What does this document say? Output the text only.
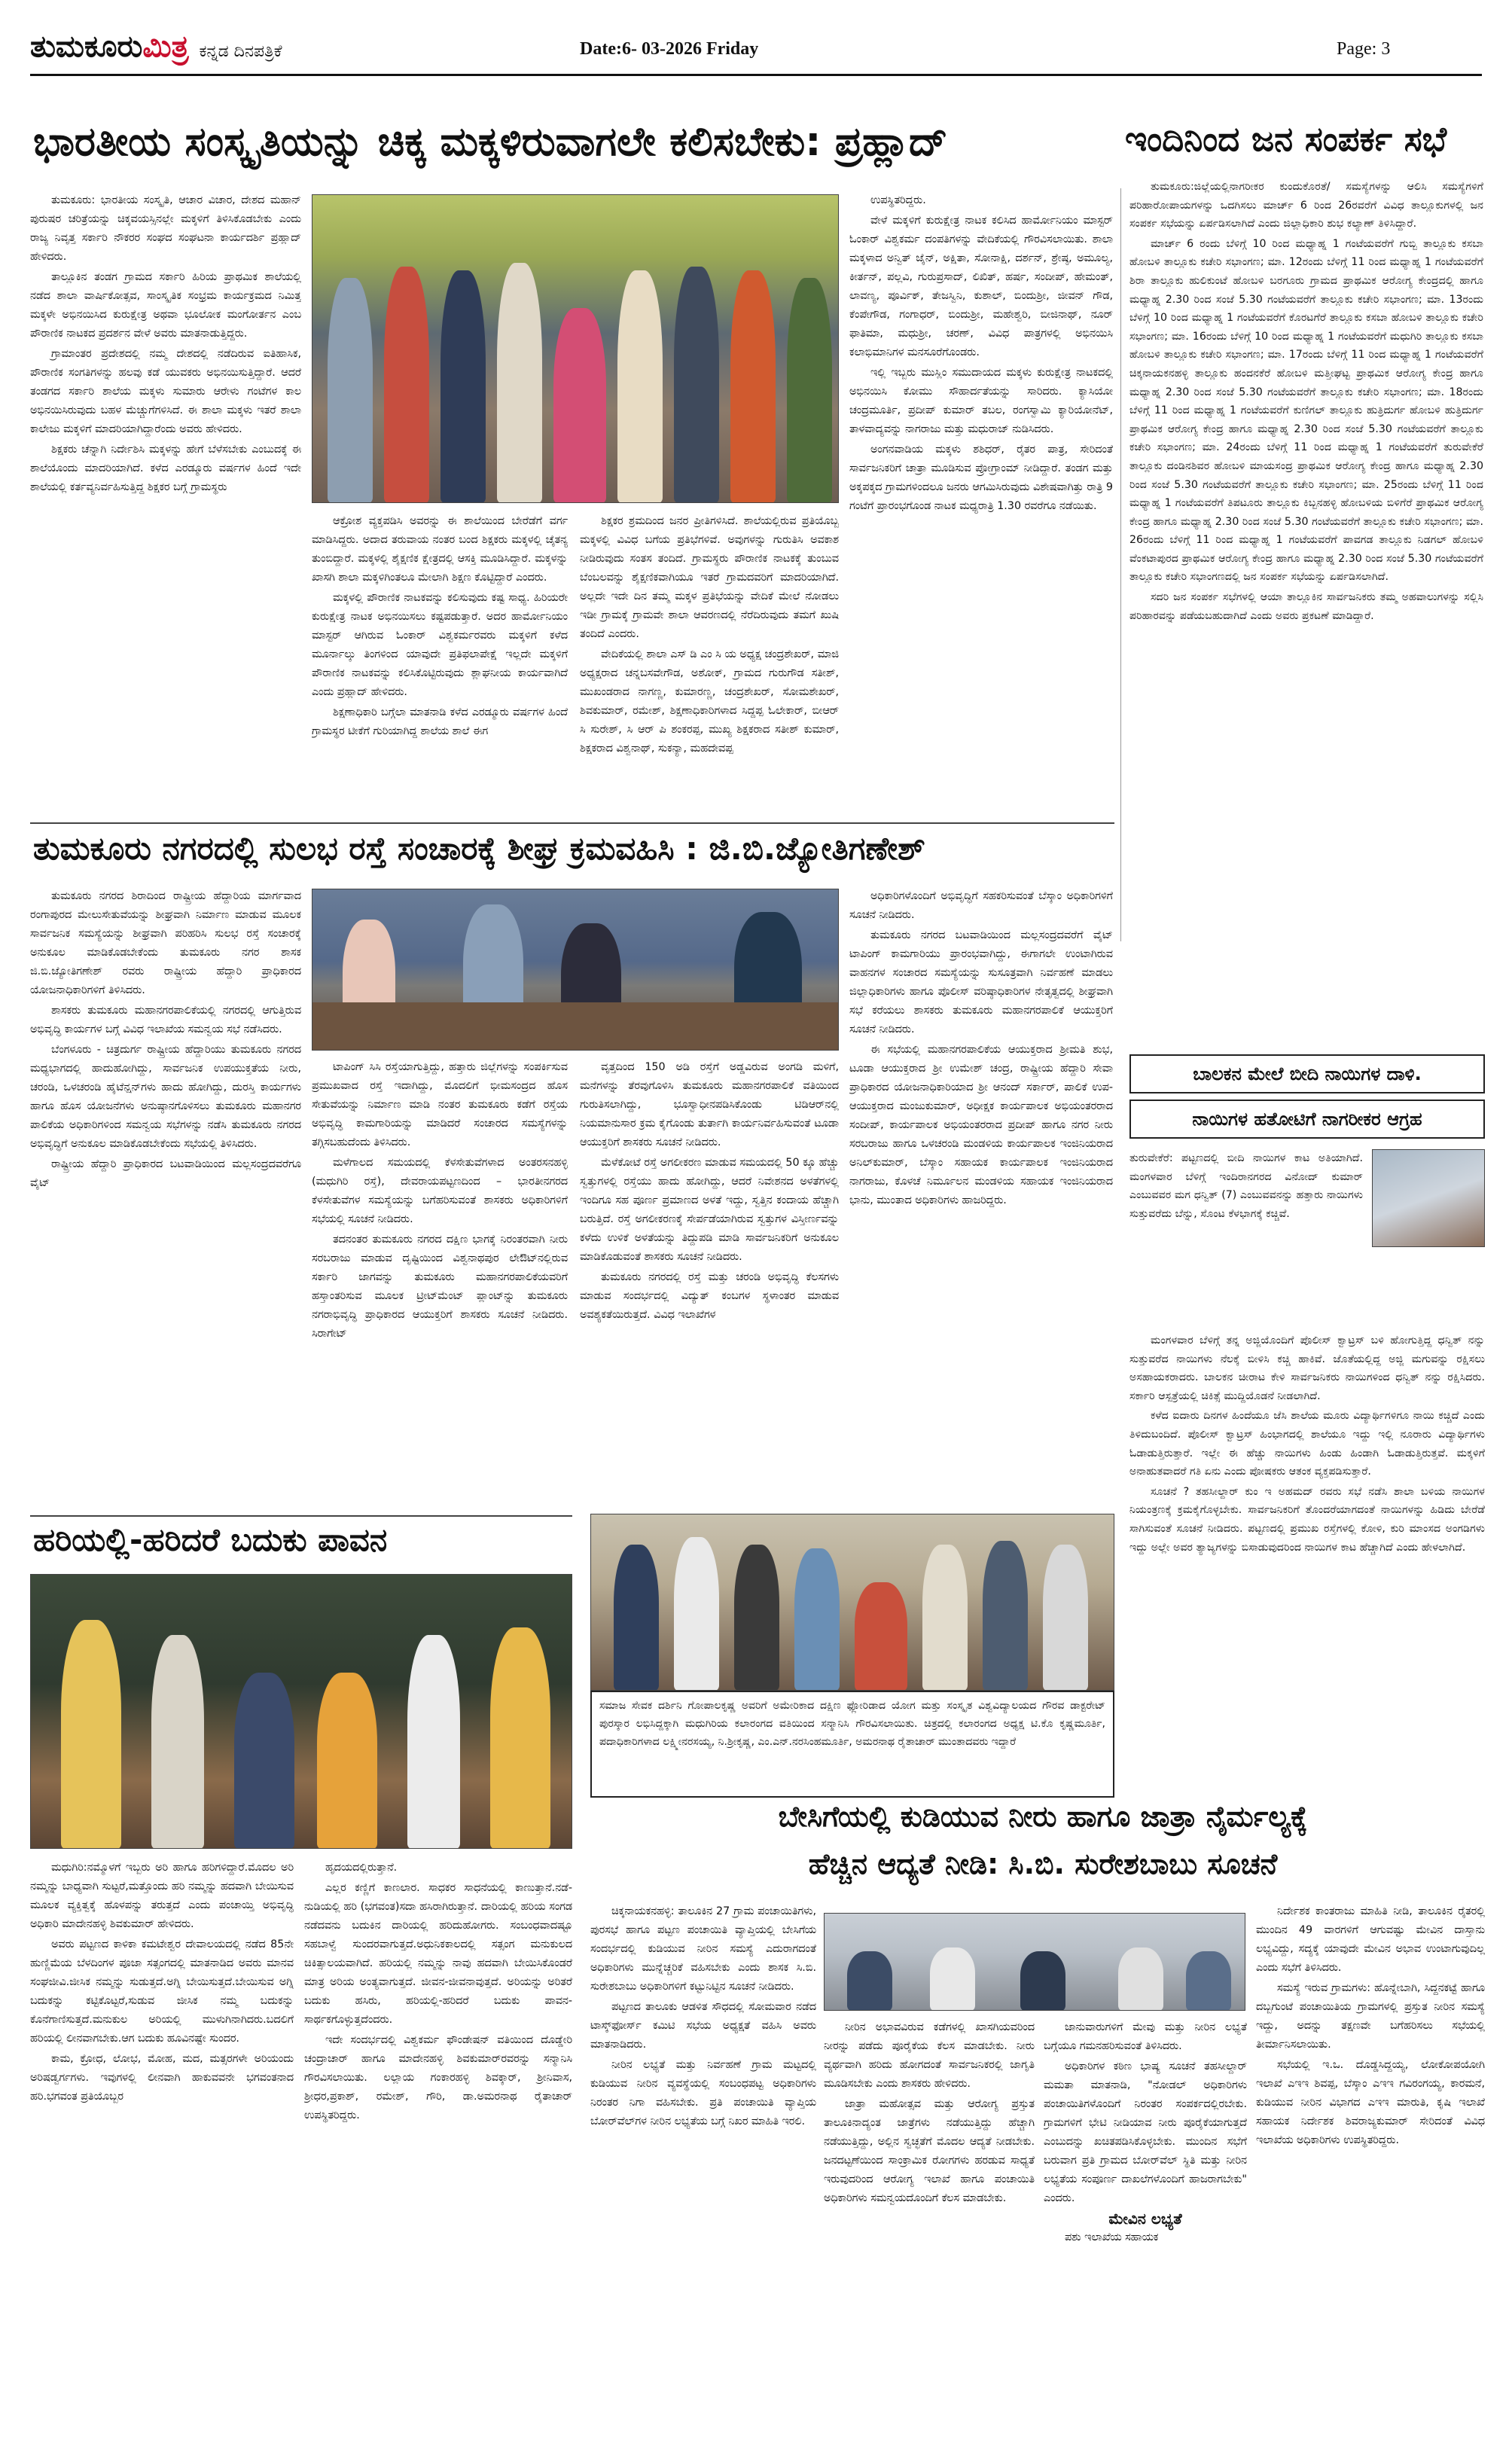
ತುಮಕೂರುಮಿತ್ರ ಕನ್ನಡ ದಿನಪತ್ರಿಕೆ	Date:6- 03-2026 Friday	Page: 3
ಭಾರತೀಯ ಸಂಸ್ಕೃತಿಯನ್ನು ಚಿಕ್ಕ ಮಕ್ಕಳಿರುವಾಗಲೇ ಕಲಿಸಬೇಕು: ಪ್ರಹ್ಲಾದ್	ಇಂದಿನಿಂದ ಜನ ಸಂಪರ್ಕ ಸಭೆ

ತುಮಕೂರು: ಭಾರತೀಯ ಸಂಸ್ಕೃತಿ, ಆಚಾರ ವಿಚಾರ, ದೇಶದ ಮಹಾನ್ ಪುರುಷರ ಚರಿತ್ರೆಯನ್ನು ಚಿಕ್ಕವಯಸ್ಸಿನಲ್ಲೇ ಮಕ್ಕಳಿಗೆ ತಿಳಿಸಿಕೊಡಬೇಕು ಎಂದು ರಾಜ್ಯ ನಿವೃತ್ತ ಸರ್ಕಾರಿ ನೌಕರರ ಸಂಘದ ಸಂಘಟನಾ ಕಾರ್ಯದರ್ಶಿ ಪ್ರಹ್ಲಾದ್ ಹೇಳಿದರು.

ತಾಲ್ಲೂಕಿನ ತಂಡಗ ಗ್ರಾಮದ ಸರ್ಕಾರಿ ಹಿರಿಯ ಪ್ರಾಥಮಿಕ ಶಾಲೆಯಲ್ಲಿ ನಡೆದ ಶಾಲಾ ವಾರ್ಷಿಕೋತ್ಸವ, ಸಾಂಸ್ಕೃತಿಕ ಸಂಭ್ರಮ ಕಾರ್ಯಕ್ರಮದ ನಿಮಿತ್ತ ಮಕ್ಕಳೇ ಅಭಿನಯಿಸಿದ ಕುರುಕ್ಷೇತ್ರ ಅಥವಾ ಭೂಲೋಕ ಮಂಗೋರ್ತನ ಎಂಬ ಪೌರಾಣಿಕ ನಾಟಕದ ಪ್ರದರ್ಶನ ವೇಳೆ ಅವರು ಮಾತನಾಡುತ್ತಿದ್ದರು.

ಗ್ರಾಮಾಂತರ ಪ್ರದೇಶದಲ್ಲಿ ನಮ್ಮ ದೇಶದಲ್ಲಿ ನಡೆದಿರುವ ಐತಿಹಾಸಿಕ, ಪೌರಾಣಿಕ ಸಂಗತಿಗಳನ್ನು ಹಲವು ಕಡೆ ಯುವಕರು ಅಭಿನಯಿಸುತ್ತಿದ್ದಾರೆ. ಆದರೆ ತಂಡಗದ ಸರ್ಕಾರಿ ಶಾಲೆಯ ಮಕ್ಕಳು ಸುಮಾರು ಆರೇಳು ಗಂಟೆಗಳ ಕಾಲ ಅಭಿನಯಿಸಿರುವುದು ಬಹಳ ಮೆಚ್ಚುಗೆಗಳಿಸಿದೆ. ಈ ಶಾಲಾ ಮಕ್ಕಳು ಇತರೆ ಶಾಲಾ ಕಾಲೇಜು ಮಕ್ಕಳಿಗೆ ಮಾದರಿಯಾಗಿದ್ದಾರೆಂದು ಅವರು ಹೇಳಿದರು.

ಶಿಕ್ಷಕರು ಚೆನ್ನಾಗಿ ನಿರ್ದೇಶಿಸಿ ಮಕ್ಕಳನ್ನು ಹೇಗೆ ಬೆಳೆಸಬೇಕು ಎಂಬುದಕ್ಕೆ ಈ ಶಾಲೆಯೊಂದು ಮಾದರಿಯಾಗಿದೆ. ಕಳೆದ ಎರಡ್ಮೂರು ವರ್ಷಗಳ ಹಿಂದೆ ಇದೇ ಶಾಲೆಯಲ್ಲಿ ಕರ್ತವ್ಯನಿರ್ವಹಿಸುತ್ತಿದ್ದ ಶಿಕ್ಷಕರ ಬಗ್ಗೆ ಗ್ರಾಮಸ್ಥರು

ಆಕ್ರೋಶ ವ್ಯಕ್ತಪಡಿಸಿ ಅವರನ್ನು ಈ ಶಾಲೆಯಿಂದ ಬೇರೆಡೆಗೆ ವರ್ಗ ಮಾಡಿಸಿದ್ದರು. ಅದಾದ ತರುವಾಯ ನಂತರ ಬಂದ ಶಿಕ್ಷಕರು ಮಕ್ಕಳಲ್ಲಿ ಚೈತನ್ಯ ತುಂಬಿದ್ದಾರೆ. ಮಕ್ಕಳಲ್ಲಿ ಶೈಕ್ಷಣಿಕ ಕ್ಷೇತ್ರದಲ್ಲಿ ಆಸಕ್ತಿ ಮೂಡಿಸಿದ್ದಾರೆ. ಮಕ್ಕಳನ್ನು ಖಾಸಗಿ ಶಾಲಾ ಮಕ್ಕಳಿಗಿಂತಲೂ ಮೇಲಾಗಿ ಶಿಕ್ಷಣ ಕೊಟ್ಟಿದ್ದಾರೆ ಎಂದರು.

ಮಕ್ಕಳಲ್ಲಿ ಪೌರಾಣಿಕ ನಾಟಕವನ್ನು ಕಲಿಸುವುದು ಕಷ್ಟ ಸಾಧ್ಯ. ಹಿರಿಯರೇ ಕುರುಕ್ಷೇತ್ರ ನಾಟಕ ಅಭಿನಯಿಸಲು ಕಷ್ಟಪಡುತ್ತಾರೆ. ಅದರ ಹಾರ್ಮೋನಿಯಂ ಮಾಸ್ಟರ್ ಆಗಿರುವ ಓಂಕಾರ್ ವಿಶ್ವಕರ್ಮರವರು ಮಕ್ಕಳಿಗೆ ಕಳೆದ ಮೂರ್ನಾಲ್ಕು ತಿಂಗಳಿಂದ ಯಾವುದೇ ಪ್ರತಿಫಲಾಪೇಕ್ಷೆ ಇಲ್ಲದೇ ಮಕ್ಕಳಿಗೆ ಪೌರಾಣಿಕ ನಾಟಕವನ್ನು ಕಲಿಸಿಕೊಟ್ಟಿರುವುದು ಶ್ಲಾಘನೀಯ ಕಾರ್ಯವಾಗಿದೆ ಎಂದು ಪ್ರಹ್ಲಾದ್ ಹೇಳಿದರು.

ಶಿಕ್ಷಣಾಧಿಕಾರಿ ಬಗ್ಗೆಲಾ ಮಾತನಾಡಿ ಕಳೆದ ಎರಡ್ಮೂರು ವರ್ಷಗಳ ಹಿಂದೆ ಗ್ರಾಮಸ್ಥರ ಟೀಕೆಗೆ ಗುರಿಯಾಗಿದ್ದ ಶಾಲೆಯ ಶಾಲೆ ಈಗ

ಶಿಕ್ಷಕರ ಶ್ರಮದಿಂದ ಜನರ ಪ್ರೀತಿಗಳಿಸಿದೆ. ಶಾಲೆಯಲ್ಲಿರುವ ಪ್ರತಿಯೊಬ್ಬ ಮಕ್ಕಳಲ್ಲಿ ವಿವಿಧ ಬಗೆಯ ಪ್ರತಿಭೆಗಳಿವೆ. ಅವುಗಳನ್ನು ಗುರುತಿಸಿ ಅವಕಾಶ ನೀಡಿರುವುದು ಸಂತಸ ತಂದಿದೆ. ಗ್ರಾಮಸ್ಥರು ಪೌರಾಣಿಕ ನಾಟಕಕ್ಕೆ ತುಂಬುವ ಬೆಂಬಲವನ್ನು ಶೈಕ್ಷಣಿಕವಾಗಿಯೂ ಇತರೆ ಗ್ರಾಮದವರಿಗೆ ಮಾದರಿಯಾಗಿದೆ. ಅಲ್ಲದೇ ಇದೇ ದಿನ ತಮ್ಮ ಮಕ್ಕಳ ಪ್ರತಿಭೆಯನ್ನು ವೇದಿಕೆ ಮೇಲೆ ನೋಡಲು ಇಡೀ ಗ್ರಾಮಕ್ಕೆ ಗ್ರಾಮವೇ ಶಾಲಾ ಆವರಣದಲ್ಲಿ ನೆರೆದಿರುವುದು ತಮಗೆ ಖುಷಿ ತಂದಿದೆ ಎಂದರು.

ವೇದಿಕೆಯಲ್ಲಿ ಶಾಲಾ ಎಸ್ ಡಿ ಎಂ ಸಿ ಯ ಅಧ್ಯಕ್ಷ ಚಂದ್ರಶೇಖರ್, ಮಾಜಿ ಅಧ್ಯಕ್ಷರಾದ ಚನ್ನಬಸವೇಗೌಡ, ಅಶೋಕ್, ಗ್ರಾಮದ ಗುರುಗೌಡ ಸತೀಶ್, ಮುಖಂಡರಾದ ನಾಗಣ್ಣ, ಕುಮಾರಣ್ಣ, ಚಂದ್ರಶೇಖರ್, ಸೋಮಶೇಖರ್, ಶಿವಕುಮಾರ್, ರಮೇಶ್, ಶಿಕ್ಷಣಾಧಿಕಾರಿಗಳಾದ ಸಿದ್ದಪ್ಪ ಓಲೇಕಾರ್, ಬೀಆರ್ ಸಿ ಸುರೇಶ್, ಸಿ ಆರ್ ಪಿ ಶಂಕರಪ್ಪ, ಮುಖ್ಯ ಶಿಕ್ಷಕರಾದ ಸತೀಶ್ ಕುಮಾರ್, ಶಿಕ್ಷಕರಾದ ವಿಶ್ವನಾಥ್, ಸುಕನ್ಯಾ, ಮಹದೇವಪ್ಪ

ಉಪಸ್ಥಿತರಿದ್ದರು.

ವೇಳೆ ಮಕ್ಕಳಿಗೆ ಕುರುಕ್ಷೇತ್ರ ನಾಟಕ ಕಲಿಸಿದ ಹಾರ್ಮೋನಿಯಂ ಮಾಸ್ಟರ್ ಓಂಕಾರ್ ವಿಶ್ವಕರ್ಮ ದಂಪತಿಗಳನ್ನು ವೇದಿಕೆಯಲ್ಲಿ ಗೌರವಿಸಲಾಯಿತು. ಶಾಲಾ ಮಕ್ಕಳಾದ ಅನ್ವಿತ್ ಜೈನ್, ಅಕ್ಷಿತಾ, ಸೋನಾಕ್ಷಿ, ದರ್ಶನ್, ಶ್ರೇಷ್ಠ, ಅಮೂಲ್ಯ, ಕೀರ್ತನ್, ಪಲ್ಲವಿ, ಗುರುಪ್ರಸಾದ್, ಲಿಖಿತ್, ಹರ್ಷ, ಸಂದೀಪ್, ಹೇಮಂತ್, ಲಾವಣ್ಯ, ಪೂರ್ವಿಕ್, ತೇಜಸ್ವಿನಿ, ಕುಶಾಲ್, ಬಿಂದುಶ್ರೀ, ಜೀವನ್ ಗೌಡ, ಕೆಂಪೇಗೌಡ, ಗಂಗಾಧರ್, ಬಿಂದುಶ್ರೀ, ಮಹೇಶ್ವರಿ, ಬೀಜಿನಾಥ್, ನೂರ್ ಫಾತಿಮಾ, ಮಧುಶ್ರೀ, ಚರಣ್, ವಿವಿಧ ಪಾತ್ರಗಳಲ್ಲಿ ಅಭಿನಯಿಸಿ ಕಲಾಭಿಮಾನಿಗಳ ಮನಸೂರೆಗೊಂಡರು.

ಇಲ್ಲಿ ಇಬ್ಬರು ಮುಸ್ಲಿಂ ಸಮುದಾಯದ ಮಕ್ಕಳು ಕುರುಕ್ಷೇತ್ರ ನಾಟಕದಲ್ಲಿ ಅಭಿನಯಿಸಿ ಕೋಮು ಸೌಹಾರ್ದತೆಯನ್ನು ಸಾರಿದರು. ಕ್ಯಾಸಿಯೋ ಚಂದ್ರಮೂರ್ತಿ, ಪ್ರದೀಪ್ ಕುಮಾರ್ ತಬಲ, ರಂಗಸ್ವಾಮಿ ಕ್ಯಾರಿಯೋನೆಟ್, ತಾಳವಾದ್ಯವನ್ನು ನಾಗರಾಜು ಮತ್ತು ಮಧುರಾಜ್ ನುಡಿಸಿದರು.

ಅಂಗನವಾಡಿಯ ಮಕ್ಕಳು ಶಶಿಧರ್, ರೈತರ ಪಾತ್ರ, ಸೇರಿದಂತೆ ಸಾರ್ವಜನಿಕರಿಗೆ ಚಾತ್ರಾ ಮೂಡಿಸುವ ಪ್ರೋಗ್ರಾಂಮ್ ನೀಡಿದ್ದಾರೆ. ತಂಡಗ ಮತ್ತು ಅಕ್ಕಪಕ್ಕದ ಗ್ರಾಮಗಳಿಂದಲೂ ಜನರು ಆಗಮಿಸಿರುವುದು ವಿಶೇಷವಾಗಿತ್ತು ರಾತ್ರಿ 9 ಗಂಟೆಗೆ ಪ್ರಾರಂಭಗೊಂಡ ನಾಟಕ ಮಧ್ಯರಾತ್ರಿ 1.30 ರವರೆಗೂ ನಡೆಯಿತು.

ತುಮಕೂರು:ಜಿಲ್ಲೆಯಲ್ಲಿನಾಗರೀಕರ ಕುಂದುಕೊರತೆ/ ಸಮಸ್ಯೆಗಳನ್ನು ಆಲಿಸಿ ಸಮಸ್ಯೆಗಳಿಗೆ ಪರಿಹಾರೋಪಾಯಗಳನ್ನು ಒದಗಿಸಲು ಮಾರ್ಚ್ 6 ರಿಂದ 26ರವರೆಗೆ ವಿವಿಧ ತಾಲ್ಲೂಕುಗಳಲ್ಲಿ ಜನ ಸಂಪರ್ಕ ಸಭೆಯನ್ನು ಏರ್ಪಡಿಸಲಾಗಿದೆ ಎಂದು ಜಿಲ್ಲಾಧಿಕಾರಿ ಶುಭ ಕಲ್ಯಾಣ್ ತಿಳಿಸಿದ್ದಾರೆ.

ಮಾರ್ಚ್ 6 ರಂದು ಬೆಳಿಗ್ಗೆ 10 ರಿಂದ ಮಧ್ಯಾಹ್ನ 1 ಗಂಟೆಯವರೆಗೆ ಗುಬ್ಬಿ ತಾಲ್ಲೂಕು ಕಸಬಾ ಹೋಬಳಿ ತಾಲ್ಲೂಕು ಕಚೇರಿ ಸಭಾಂಗಣ; ಮಾ. 12ರಂದು ಬೆಳಿಗ್ಗೆ 11 ರಿಂದ ಮಧ್ಯಾಹ್ನ 1 ಗಂಟೆಯವರೆಗೆ ಶಿರಾ ತಾಲ್ಲೂಕು ಹುಲಿಕುಂಟೆ ಹೋಬಳಿ ಬರಗೂರು ಗ್ರಾಮದ ಪ್ರಾಥಮಿಕ ಆರೋಗ್ಯ ಕೇಂದ್ರದಲ್ಲಿ ಹಾಗೂ ಮಧ್ಯಾಹ್ನ 2.30 ರಿಂದ ಸಂಜೆ 5.30 ಗಂಟೆಯವರೆಗೆ ತಾಲ್ಲೂಕು ಕಚೇರಿ ಸಭಾಂಗಣ; ಮಾ. 13ರಂದು ಬೆಳಿಗ್ಗೆ 10 ರಿಂದ ಮಧ್ಯಾಹ್ನ 1 ಗಂಟೆಯವರೆಗೆ ಕೊರಟಗೆರೆ ತಾಲ್ಲೂಕು ಕಸಬಾ ಹೋಬಳಿ ತಾಲ್ಲೂಕು ಕಚೇರಿ ಸಭಾಂಗಣ; ಮಾ. 16ರಂದು ಬೆಳಿಗ್ಗೆ 10 ರಿಂದ ಮಧ್ಯಾಹ್ನ 1 ಗಂಟೆಯವರೆಗೆ ಮಧುಗಿರಿ ತಾಲ್ಲೂಕು ಕಸಬಾ ಹೋಬಳಿ ತಾಲ್ಲೂಕು ಕಚೇರಿ ಸಭಾಂಗಣ; ಮಾ. 17ರಂದು ಬೆಳಿಗ್ಗೆ 11 ರಿಂದ ಮಧ್ಯಾಹ್ನ 1 ಗಂಟೆಯವರೆಗೆ ಚಿಕ್ಕನಾಯಕನಹಳ್ಳಿ ತಾಲ್ಲೂಕು ಹಂದನಕೆರೆ ಹೋಬಳಿ ಮತ್ತೀಘಟ್ಟ ಪ್ರಾಥಮಿಕ ಆರೋಗ್ಯ ಕೇಂದ್ರ ಹಾಗೂ ಮಧ್ಯಾಹ್ನ 2.30 ರಿಂದ ಸಂಜೆ 5.30 ಗಂಟೆಯವರೆಗೆ ತಾಲ್ಲೂಕು ಕಚೇರಿ ಸಭಾಂಗಣ; ಮಾ. 18ರಂದು ಬೆಳಿಗ್ಗೆ 11 ರಿಂದ ಮಧ್ಯಾಹ್ನ 1 ಗಂಟೆಯವರೆಗೆ ಕುಣಿಗಲ್ ತಾಲ್ಲೂಕು ಹುತ್ರಿದುರ್ಗ ಹೋಬಳಿ ಹುತ್ರಿದುರ್ಗ ಪ್ರಾಥಮಿಕ ಆರೋಗ್ಯ ಕೇಂದ್ರ ಹಾಗೂ ಮಧ್ಯಾಹ್ನ 2.30 ರಿಂದ ಸಂಜೆ 5.30 ಗಂಟೆಯವರೆಗೆ ತಾಲ್ಲೂಕು ಕಚೇರಿ ಸಭಾಂಗಣ; ಮಾ. 24ರಂದು ಬೆಳಿಗ್ಗೆ 11 ರಿಂದ ಮಧ್ಯಾಹ್ನ 1 ಗಂಟೆಯವರೆಗೆ ತುರುವೇಕೆರೆ ತಾಲ್ಲೂಕು ದಂಡಿನಶಿವರ ಹೋಬಳಿ ಮಾಯಸಂದ್ರ ಪ್ರಾಥಮಿಕ ಆರೋಗ್ಯ ಕೇಂದ್ರ ಹಾಗೂ ಮಧ್ಯಾಹ್ನ 2.30 ರಿಂದ ಸಂಜೆ 5.30 ಗಂಟೆಯವರೆಗೆ ತಾಲ್ಲೂಕು ಕಚೇರಿ ಸಭಾಂಗಣ; ಮಾ. 25ರಂದು ಬೆಳಿಗ್ಗೆ 11 ರಿಂದ ಮಧ್ಯಾಹ್ನ 1 ಗಂಟೆಯವರೆಗೆ ತಿಪಟೂರು ತಾಲ್ಲೂಕು ಕಿಬ್ಬನಹಳ್ಳಿ ಹೋಬಳಿಯ ಬಿಳಿಗೆರೆ ಪ್ರಾಥಮಿಕ ಆರೋಗ್ಯ ಕೇಂದ್ರ ಹಾಗೂ ಮಧ್ಯಾಹ್ನ 2.30 ರಿಂದ ಸಂಜೆ 5.30 ಗಂಟೆಯವರೆಗೆ ತಾಲ್ಲೂಕು ಕಚೇರಿ ಸಭಾಂಗಣ; ಮಾ. 26ರಂದು ಬೆಳಿಗ್ಗೆ 11 ರಿಂದ ಮಧ್ಯಾಹ್ನ 1 ಗಂಟೆಯವರೆಗೆ ಪಾವಗಡ ತಾಲ್ಲೂಕು ನಿಡಗಲ್ ಹೋಬಳಿ ವೆಂಕಟಾಪುರದ ಪ್ರಾಥಮಿಕ ಆರೋಗ್ಯ ಕೇಂದ್ರ ಹಾಗೂ ಮಧ್ಯಾಹ್ನ 2.30 ರಿಂದ ಸಂಜೆ 5.30 ಗಂಟೆಯವರೆಗೆ ತಾಲ್ಲೂಕು ಕಚೇರಿ ಸಭಾಂಗಣದಲ್ಲಿ ಜನ ಸಂಪರ್ಕ ಸಭೆಯನ್ನು ಏರ್ಪಡಿಸಲಾಗಿದೆ.

ಸದರಿ ಜನ ಸಂಪರ್ಕ ಸಭೆಗಳಲ್ಲಿ ಆಯಾ ತಾಲ್ಲೂಕಿನ ಸಾರ್ವಜನಿಕರು ತಮ್ಮ ಅಹವಾಲುಗಳನ್ನು ಸಲ್ಲಿಸಿ ಪರಿಹಾರವನ್ನು ಪಡೆಯಬಹುದಾಗಿದೆ ಎಂದು ಅವರು ಪ್ರಕಟಣೆ ಮಾಡಿದ್ದಾರೆ.

ತುಮಕೂರು ನಗರದಲ್ಲಿ ಸುಲಭ ರಸ್ತೆ ಸಂಚಾರಕ್ಕೆ ಶೀಘ್ರ ಕ್ರಮವಹಿಸಿ : ಜಿ.ಬಿ.ಜ್ಯೋತಿಗಣೇಶ್

ತುಮಕೂರು ನಗರದ ಶಿರಾದಿಂದ ರಾಷ್ಟ್ರೀಯ ಹೆದ್ದಾರಿಯ ಮಾರ್ಗವಾದ ರಂಗಾಪುರದ ಮೇಲುಸೇತುವೆಯನ್ನು ಶೀಘ್ರವಾಗಿ ನಿರ್ಮಾಣ ಮಾಡುವ ಮೂಲಕ ಸಾರ್ವಜನಿಕ ಸಮಸ್ಯೆಯನ್ನು ಶೀಘ್ರವಾಗಿ ಪರಿಹರಿಸಿ ಸುಲಭ ರಸ್ತೆ ಸಂಚಾರಕ್ಕೆ ಅನುಕೂಲ ಮಾಡಿಕೊಡಬೇಕೆಂದು ತುಮಕೂರು ನಗರ ಶಾಸಕ ಜಿ.ಬಿ.ಜ್ಯೋತಿಗಣೇಶ್ ರವರು ರಾಷ್ಟ್ರೀಯ ಹೆದ್ದಾರಿ ಪ್ರಾಧಿಕಾರದ ಯೋಜನಾಧಿಕಾರಿಗಳಿಗೆ ತಿಳಿಸಿದರು.

ಶಾಸಕರು ತುಮಕೂರು ಮಹಾನಗರಪಾಲಿಕೆಯಲ್ಲಿ ನಗರದಲ್ಲಿ ಆಗುತ್ತಿರುವ ಅಭಿವೃದ್ಧಿ ಕಾರ್ಯಗಳ ಬಗ್ಗೆ ವಿವಿಧ ಇಲಾಖೆಯ ಸಮನ್ವಯ ಸಭೆ ನಡೆಸಿದರು.

ಬೆಂಗಳೂರು - ಚಿತ್ರದುರ್ಗ ರಾಷ್ಟ್ರೀಯ ಹೆದ್ದಾರಿಯು ತುಮಕೂರು ನಗರದ ಮಧ್ಯಭಾಗದಲ್ಲಿ ಹಾದುಹೋಗಿದ್ದು, ಸಾರ್ವಜನಿಕ ಉಪಯುಕ್ತತೆಯ ನೀರು, ಚರಂಡಿ, ಒಳಚರಂಡಿ ಹೈಟೆನ್ಷನ್‌ಗಳು ಹಾದು ಹೋಗಿದ್ದು, ದುರಸ್ತಿ ಕಾರ್ಯಗಳು ಹಾಗೂ ಹೊಸ ಯೋಜನೆಗಳು ಅನುಷ್ಠಾನಗೊಳಿಸಲು ತುಮಕೂರು ಮಹಾನಗರ ಪಾಲಿಕೆಯ ಅಧಿಕಾರಿಗಳಿಂದ ಸಮನ್ವಯ ಸಭೆಗಳನ್ನು ನಡೆಸಿ ತುಮಕೂರು ನಗರದ ಅಭಿವೃದ್ಧಿಗೆ ಅನುಕೂಲ ಮಾಡಿಕೊಡಬೇಕೆಂದು ಸಭೆಯಲ್ಲಿ ತಿಳಿಸಿದರು.

ರಾಷ್ಟ್ರೀಯ ಹೆದ್ದಾರಿ ಪ್ರಾಧಿಕಾರದ ಬಟವಾಡಿಯಿಂದ ಮಲ್ಲಸಂದ್ರದವರೆಗೂ ವೈಟ್

ಟಾಪಿಂಗ್ ಸಿಸಿ ರಸ್ತೆಯಾಗುತ್ತಿದ್ದು, ಹತ್ತಾರು ಜಿಲ್ಲೆಗಳನ್ನು ಸಂಪರ್ಕಿಸುವ ಪ್ರಮುಖವಾದ ರಸ್ತೆ ಇದಾಗಿದ್ದು, ಮೊದಲಿಗೆ ಭೀಮಸಂದ್ರದ ಹೊಸ ಸೇತುವೆಯನ್ನು ನಿರ್ಮಾಣ ಮಾಡಿ ನಂತರ ತುಮಕೂರು ಕಡೆಗೆ ರಸ್ತೆಯ ಅಭಿವೃದ್ಧಿ ಕಾಮಗಾರಿಯನ್ನು ಮಾಡಿದರೆ ಸಂಚಾರದ ಸಮಸ್ಯೆಗಳನ್ನು ತಗ್ಗಿಸಬಹುದೆಂದು ತಿಳಿಸಿದರು.

ಮಳೆಗಾಲದ ಸಮಯದಲ್ಲಿ ಕೆಳಸೇತುವೆಗಳಾದ ಅಂತರಸನಹಳ್ಳಿ (ಮಧುಗಿರಿ ರಸ್ತೆ), ದೇವರಾಯಪಟ್ಟಣದಿಂದ – ಭಾರತೀನಗರದ ಕೆಳಸೇತುವೆಗಳ ಸಮಸ್ಯೆಯನ್ನು ಬಗೆಹರಿಸುವಂತೆ ಶಾಸಕರು ಅಧಿಕಾರಿಗಳಿಗೆ ಸಭೆಯಲ್ಲಿ ಸೂಚನೆ ನೀಡಿದರು.

ತದನಂತರ ತುಮಕೂರು ನಗರದ ದಕ್ಷಿಣ ಭಾಗಕ್ಕೆ ನಿರಂತರವಾಗಿ ನೀರು ಸರಬರಾಜು ಮಾಡುವ ದೃಷ್ಟಿಯಿಂದ ವಿಶ್ವನಾಥಪುರ ಲೇಔಟ್‌ನಲ್ಲಿರುವ ಸರ್ಕಾರಿ ಜಾಗವನ್ನು ತುಮಕೂರು ಮಹಾನಗರಪಾಲಿಕೆಯವರಿಗೆ ಹಸ್ತಾಂತರಿಸುವ ಮೂಲಕ ಟ್ರೀಟ್‌ಮೆಂಟ್ ಪ್ಲಾಂಟ್‌ನ್ನು ತುಮಕೂರು ನಗರಾಭಿವೃದ್ಧಿ ಪ್ರಾಧಿಕಾರದ ಆಯುಕ್ತರಿಗೆ ಶಾಸಕರು ಸೂಚನೆ ನೀಡಿದರು. ಸಿರಾಗೇಟ್

ವೃತ್ತದಿಂದ 150 ಅಡಿ ರಸ್ತೆಗೆ ಅಡ್ಡವಿರುವ ಅಂಗಡಿ ಮಳಿಗೆ, ಮನೆಗಳನ್ನು ತೆರವುಗೊಳಿಸಿ ತುಮಕೂರು ಮಹಾನಗರಪಾಲಿಕೆ ವತಿಯಿಂದ ಗುರುತಿಸಲಾಗಿದ್ದು, ಭೂಸ್ವಾಧೀನಪಡಿಸಿಕೊಂಡು ಟಿಡಿಆರ್‌ನಲ್ಲಿ ನಿಯಮಾನುಸಾರ ಕ್ರಮ ಕೈಗೊಂಡು ತುರ್ತಾಗಿ ಕಾರ್ಯನಿರ್ವಹಿಸುವಂತೆ ಟೂಡಾ ಆಯುಕ್ತರಿಗೆ ಶಾಸಕರು ಸೂಚನೆ ನೀಡಿದರು.

ಮೆಳೆಕೋಟೆ ರಸ್ತೆ ಅಗಲೀಕರಣ ಮಾಡುವ ಸಮಯದಲ್ಲಿ 50 ಕ್ಕೂ ಹೆಚ್ಚು ಸ್ವತ್ತುಗಳಲ್ಲಿ ರಸ್ತೆಯು ಹಾದು ಹೋಗಿದ್ದು, ಆದರೆ ನಿವೇಶನದ ಅಳತೆಗಳಲ್ಲಿ ಇಂದಿಗೂ ಸಹ ಪೂರ್ಣ ಪ್ರಮಾಣದ ಅಳತೆ ಇದ್ದು, ಸ್ವತ್ತಿನ ಕಂದಾಯ ಹೆಚ್ಚಾಗಿ ಬರುತ್ತಿದೆ. ರಸ್ತೆ ಅಗಲೀಕರಣಕ್ಕೆ ಸೇರ್ಪಡೆಯಾಗಿರುವ ಸ್ವತ್ತುಗಳ ವಿಸ್ತೀರ್ಣವನ್ನು ಕಳೆದು ಉಳಿಕೆ ಅಳತೆಯನ್ನು ತಿದ್ದುಪಡಿ ಮಾಡಿ ಸಾರ್ವಜನಿಕರಿಗೆ ಅನುಕೂಲ ಮಾಡಿಕೊಡುವಂತೆ ಶಾಸಕರು ಸೂಚನೆ ನೀಡಿದರು.

ತುಮಕೂರು ನಗರದಲ್ಲಿ ರಸ್ತೆ ಮತ್ತು ಚರಂಡಿ ಅಭಿವೃದ್ಧಿ ಕೆಲಸಗಳು ಮಾಡುವ ಸಂದರ್ಭದಲ್ಲಿ ವಿದ್ಯುತ್ ಕಂಬಗಳ ಸ್ಥಳಾಂತರ ಮಾಡುವ ಅವಶ್ಯಕತೆಯಿರುತ್ತದೆ. ವಿವಿಧ ಇಲಾಖೆಗಳ

ಅಧಿಕಾರಿಗಳೊಂದಿಗೆ ಅಭಿವೃದ್ಧಿಗೆ ಸಹಕರಿಸುವಂತೆ ಬೆಸ್ಕಾಂ ಅಧಿಕಾರಿಗಳಿಗೆ ಸೂಚನೆ ನೀಡಿದರು.

ತುಮಕೂರು ನಗರದ ಬಟವಾಡಿಯಿಂದ ಮಲ್ಲಸಂದ್ರದವರೆಗೆ ವೈಟ್ ಟಾಪಿಂಗ್ ಕಾಮಗಾರಿಯು ಪ್ರಾರಂಭವಾಗಿದ್ದು, ಈಗಾಗಲೇ ಉಂಟಾಗಿರುವ ವಾಹನಗಳ ಸಂಚಾರದ ಸಮಸ್ಯೆಯನ್ನು ಸುಸೂತ್ರವಾಗಿ ನಿರ್ವಹಣೆ ಮಾಡಲು ಜಿಲ್ಲಾಧಿಕಾರಿಗಳು ಹಾಗೂ ಪೊಲೀಸ್ ವರಿಷ್ಠಾಧಿಕಾರಿಗಳ ನೇತೃತ್ವದಲ್ಲಿ ಶೀಘ್ರವಾಗಿ ಸಭೆ ಕರೆಯಲು ಶಾಸಕರು ತುಮಕೂರು ಮಹಾನಗರಪಾಲಿಕೆ ಆಯುಕ್ತರಿಗೆ ಸೂಚನೆ ನೀಡಿದರು.

ಈ ಸಭೆಯಲ್ಲಿ ಮಹಾನಗರಪಾಲಿಕೆಯ ಆಯುಕ್ತರಾದ ಶ್ರೀಮತಿ ಶುಭ, ಟೂಡಾ ಆಯುಕ್ತರಾದ ಶ್ರೀ ಉಮೇಶ್ ಚಂದ್ರ, ರಾಷ್ಟ್ರೀಯ ಹೆದ್ದಾರಿ ಸೇವಾ ಪ್ರಾಧಿಕಾರದ ಯೋಜನಾಧಿಕಾರಿಯಾದ ಶ್ರೀ ಆನಂದ್ ಸರ್ಕಾರ್, ಪಾಲಿಕೆ ಉಪ-ಆಯುಕ್ತರಾದ ಮಂಜುಕುಮಾರ್, ಅಧೀಕ್ಷಕ ಕಾರ್ಯಪಾಲಕ ಅಭಿಯಂತರರಾದ ಸಂದೀಪ್, ಕಾರ್ಯಪಾಲಕ ಅಭಿಯಂತರರಾದ ಪ್ರದೀಪ್ ಹಾಗೂ ನಗರ ನೀರು ಸರಬರಾಜು ಹಾಗೂ ಒಳಚರಂಡಿ ಮಂಡಳಿಯ ಕಾರ್ಯಪಾಲಕ ಇಂಜಿನಿಯರಾದ ಅನಿಲ್‌ಕುಮಾರ್, ಬೆಸ್ಕಾಂ ಸಹಾಯಕ ಕಾರ್ಯಪಾಲಕ ಇಂಜಿನಿಯರಾದ ನಾಗರಾಜು, ಕೊಳಚೆ ನಿರ್ಮೂಲನ ಮಂಡಳಿಯ ಸಹಾಯಕ ಇಂಜಿನಿಯರಾದ ಭಾನು, ಮುಂತಾದ ಅಧಿಕಾರಿಗಳು ಹಾಜರಿದ್ದರು.

ಬಾಲಕನ ಮೇಲೆ ಬೀದಿ ನಾಯಿಗಳ ದಾಳಿ.
ನಾಯಿಗಳ ಹತೋಟಿಗೆ ನಾಗರೀಕರ ಆಗ್ರಹ
ತುರುವೇಕೆರೆ: ಪಟ್ಟಣದಲ್ಲಿ ಬೀದಿ ನಾಯಿಗಳ ಕಾಟ ಅತಿಯಾಗಿದೆ. ಮಂಗಳವಾರ ಬೆಳಿಗ್ಗೆ ಇಂದಿರಾನಗರದ ವಿನೋದ್ ಕುಮಾರ್ ಎಂಬುವವರ ಮಗ ಧನ್ವಿತ್ (7) ಎಂಬುವವನನ್ನು ಹತ್ತಾರು ನಾಯಿಗಳು ಸುತ್ತುವರೆದು ಬೆನ್ನು, ಸೊಂಟ ಕೆಳಭಾಗಕ್ಕೆ ಕಚ್ಚಿವೆ.

ಮಂಗಳವಾರ ಬೆಳಿಗ್ಗೆ ತನ್ನ ಅಜ್ಜಿಯೊಂದಿಗೆ ಪೊಲೀಸ್ ಕ್ವಾಟ್ರಸ್ ಬಳಿ ಹೋಗುತ್ತಿದ್ದ ಧನ್ವಿತ್ ನನ್ನು ಸುತ್ತುವರೆದ ನಾಯಿಗಳು ನೆಲಕ್ಕೆ ಬೀಳಿಸಿ ಕಚ್ಚಿ ಹಾಕಿವೆ. ಜೊತೆಯಲ್ಲಿದ್ದ ಅಜ್ಜಿ ಮಗುವನ್ನು ರಕ್ಷಿಸಲು ಅಸಹಾಯಕರಾದರು. ಬಾಲಕನ ಚೀರಾಟ ಕೇಳಿ ಸಾರ್ವಜನಿಕರು ನಾಯಿಗಳಿಂದ ಧನ್ವಿತ್ ನನ್ನು ರಕ್ಷಿಸಿದರು. ಸರ್ಕಾರಿ ಆಸ್ಪತ್ರೆಯಲ್ಲಿ ಚಿಕಿತ್ಸೆ ಮುದ್ದಿಯೊಡನೆ ನೀಡಲಾಗಿದೆ.

ಕಳೆದ ಐದಾರು ದಿನಗಳ ಹಿಂದೆಯೂ ಜೆಸಿ ಶಾಲೆಯ ಮೂರು ವಿದ್ಯಾರ್ಥಿಗಳಿಗೂ ನಾಯಿ ಕಚ್ಚಿದೆ ಎಂದು ತಿಳಿದುಬಂದಿದೆ. ಪೊಲೀಸ್ ಕ್ವಾಟ್ರಸ್ ಹಿಂಭಾಗದಲ್ಲಿ ಶಾಲೆಯೂ ಇದ್ದು ಇಲ್ಲಿ ನೂರಾರು ವಿದ್ಯಾರ್ಥಿಗಳು ಓಡಾಡುತ್ತಿರುತ್ತಾರೆ. ಇಲ್ಲೇ ಈ ಹೆಚ್ಚು ನಾಯಿಗಳು ಹಿಂಡು ಹಿಂಡಾಗಿ ಓಡಾಡುತ್ತಿರುತ್ತವೆ. ಮಕ್ಕಳಿಗೆ ಅನಾಹುತವಾದರೆ ಗತಿ ಏನು ಎಂದು ಪೋಷಕರು ಆತಂಕ ವ್ಯಕ್ತಪಡಿಸುತ್ತಾರೆ.

ಸೂಚನೆ ? ತಹಸೀಲ್ದಾರ್ ಕುಂ ಇ ಅಹಮದ್ ರವರು ಸಭೆ ನಡೆಸಿ ಶಾಲಾ ಬಳಿಯ ನಾಯಿಗಳ ನಿಯಂತ್ರಣಕ್ಕೆ ಕ್ರಮಕೈಗೊಳ್ಳಬೇಕು. ಸಾರ್ವಜನಿಕರಿಗೆ ತೊಂದರೆಯಾಗದಂತೆ ನಾಯಿಗಳನ್ನು ಹಿಡಿದು ಬೇರೆಡೆ ಸಾಗಿಸುವಂತೆ ಸೂಚನೆ ನೀಡಿದರು. ಪಟ್ಟಣದಲ್ಲಿ ಪ್ರಮುಖ ರಸ್ತೆಗಳಲ್ಲಿ ಕೋಳಿ, ಕುರಿ ಮಾಂಸದ ಅಂಗಡಿಗಳು ಇದ್ದು ಅಲ್ಲೇ ಅವರ ತ್ಯಾಜ್ಯಗಳನ್ನು ಬಿಸಾಡುವುದರಿಂದ ನಾಯಿಗಳ ಕಾಟ ಹೆಚ್ಚಾಗಿದೆ ಎಂದು ಹೇಳಲಾಗಿದೆ.

ಹರಿಯಲ್ಲಿ-ಹರಿದರೆ ಬದುಕು ಪಾವನ

ಮಧುಗಿರಿ:ನಮ್ಮೊಳಗೆ ಇಬ್ಬರು ಅರಿ ಹಾಗೂ ಹರಿಗಳಿದ್ದಾರೆ.ಮೊದಲ ಅರಿ ನಮ್ಮನ್ನು ಬಾಧ್ಯವಾಗಿ ಸುಟ್ಟರೆ,ಮತ್ತೊಂದು ಹರಿ ನಮ್ಮನ್ನು ಹದವಾಗಿ ಬೇಯಿಸುವ ಮೂಲಕ ವ್ಯಕ್ತಿತ್ವಕ್ಕೆ ಹೊಳಪನ್ನು ತರುತ್ತದೆ ಎಂದು ಪಂಚಾಯ್ತಿ ಅಭಿವೃದ್ಧಿ ಅಧಿಕಾರಿ ಮಾದೇನಹಳ್ಳಿ ಶಿವಕುಮಾರ್ ಹೇಳಿದರು.

ಅವರು ಪಟ್ಟಣದ ಕಾಳಿಕಾ ಕಮಟೇಶ್ವರ ದೇವಾಲಯದಲ್ಲಿ ನಡೆದ 85ನೇ ಹುಣ್ಣಿಮೆಯ ಬೆಳದಿಂಗಳ ಪೂಜಾ ಸತ್ಸಂಗದಲ್ಲಿ ಮಾತನಾಡಿದ ಅವರು ಮಾನವ ಸಂಘಜೀವಿ.ಜೀಸಿಕ ನಮ್ಮನ್ನು ಸುಡುತ್ತದೆ.ಅಗ್ನಿ ಬೇಯಿಸುತ್ತದೆ.ಬೇಯಿಸುವ ಅಗ್ನಿ ಬದುಕನ್ನು ಕಟ್ಟಿಕೊಟ್ಟರೆ,ಸುಡುವ ಜೀಸಿಕ ನಮ್ಮ ಬದುಕನ್ನು ಕೊನೆಗಾಣಿಸುತ್ತದೆ.ಮನುಕುಲ ಅರಿಯಲ್ಲಿ ಮುಳುಗಿನಾಗಿದರು.ಬದಲಿಗೆ ಹರಿಯಲ್ಲಿ ಲೀನವಾಗಬೇಕು.ಆಗ ಬದುಕು ಹೂವಿನಷ್ಟೇ ಸುಂದರ.

ಕಾಮ, ಕ್ರೋಧ, ಲೋಭ, ಮೋಹ, ಮದ, ಮತ್ಸರಗಳೇ ಅರಿಯಂದು ಅರಿಷಡ್ವರ್ಗಗಳು. ಇವುಗಳಲ್ಲಿ ಲೀನವಾಗಿ ಹಾಕುವವನೇ ಭಗವಂತನಾದ ಹರಿ.ಭಗವಂತ ಪ್ರತಿಯೊಬ್ಬರ

ಹೃದಯದಲ್ಲಿರುತ್ತಾನೆ.

ಎಲ್ಲರ ಕಣ್ಣಿಗೆ ಕಾಣಲಾರ. ಸಾಧಕರ ಸಾಧನೆಯಲ್ಲಿ ಕಾಣುತ್ತಾನೆ.ನಡೆ-ನುಡಿಯಲ್ಲಿ ಹರಿ (ಭಗವಂತ)ಸದಾ ಹಸಿರಾಗಿರುತ್ತಾನೆ. ದಾರಿಯಲ್ಲಿ ಹರಿಯ ಸಂಗಡ ನಡೆದವನು ಬದುಕಿನ ದಾರಿಯಲ್ಲಿ ಹರಿದುಹೋಗರು. ಸಂಬಂಧವಾದಷ್ಟೂ ಸಹಬಾಳ್ವೆ ಸುಂದರವಾಗುತ್ತದೆ.ಅಧುನಿಕಕಾಲದಲ್ಲಿ ಸತ್ಸಂಗ ಮನುಕುಲದ ಚಿಕಿತ್ಸಾಲಯವಾಗಿದೆ. ಹರಿಯಲ್ಲಿ ನಮ್ಮನ್ನು ನಾವು ಹದವಾಗಿ ಬೇಯಿಸಿಕೊಂಡರೆ ಮಾತ್ರ ಅರಿಯ ಅಂತ್ಯವಾಗುತ್ತದೆ. ಜೀವನ-ಜೀವನಾವುತ್ತದೆ. ಅರಿಯನ್ನು ಅರಿತರೆ ಬದುಕು ಹಸಿರು, ಹರಿಯಲ್ಲಿ-ಹರಿದರೆ ಬದುಕು ಪಾವನ-ಸಾರ್ಥಕಗೊಳ್ಳುತ್ತದೆಂದರು.

ಇದೇ ಸಂದರ್ಭದಲ್ಲಿ ವಿಶ್ವಕರ್ಮ ಫೌಂಡೇಷನ್ ವತಿಯಿಂದ ದೊಡ್ಡೇರಿ ಚಂದ್ರಾಚಾರ್ ಹಾಗೂ ಮಾದೇನಹಳ್ಳಿ ಶಿವಕುಮಾರ್‌ರವರನ್ನು ಸನ್ಮಾನಿಸಿ ಗೌರವಿಸಲಾಯಿತು. ಲಲ್ಲಾಯ ಗಂಕಾರಹಳ್ಳಿ ಶಿವಕ್ಕಾರ್, ಶ್ರೀನಿವಾಸ, ಶ್ರೀಧರ,ಪ್ರಕಾಶ್, ರಮೇಶ್, ಗೌರಿ, ಡಾ.ಅಮರನಾಥ ರೈತಾಚಾರ್ ಉಪಸ್ಥಿತರಿದ್ದರು.

ಸಮಾಜ ಸೇವಕ ದರ್ಶಿನಿ ಗೋಪಾಲಕೃಷ್ಣ ಅವರಿಗೆ ಅಮೇರಿಕಾದ ದಕ್ಷಿಣ ಫ್ಲೋರಿಡಾದ ಯೋಗ ಮತ್ತು ಸಂಸ್ಕೃತ ವಿಶ್ವವಿದ್ಯಾಲಯದ ಗೌರವ ಡಾಕ್ಟರೇಟ್ ಪುರಸ್ಕಾರ ಲಭಿಸಿದ್ದಕ್ಕಾಗಿ ಮಧುಗಿರಿಯ ಕಲಾರಂಗದ ವತಿಯಿಂದ ಸನ್ಮಾನಿಸಿ ಗೌರವಿಸಲಾಯಿತು. ಚಿತ್ರದಲ್ಲಿ ಕಲಾರಂಗದ ಅಧ್ಯಕ್ಷ ಟಿ.ಕೊ ಕೃಷ್ಣಮೂರ್ತಿ, ಪದಾಧಿಕಾರಿಗಳಾದ ಲಕ್ಷ್ಮೀನರಸಯ್ಯ, ನಿ.ಶ್ರೀಕೃಷ್ಣ, ಎಂ.ಎನ್.ನರಸಿಂಹಮೂರ್ತಿ, ಅಮರನಾಥ ರೈತಾಚಾರ್ ಮುಂತಾದವರು ಇದ್ದಾರೆ
ಬೇಸಿಗೆಯಲ್ಲಿ ಕುಡಿಯುವ ನೀರು ಹಾಗೂ ಜಾತ್ರಾ ನೈರ್ಮಲ್ಯಕ್ಕೆ
ಹೆಚ್ಚಿನ ಆದ್ಯತೆ ನೀಡಿ: ಸಿ.ಬಿ. ಸುರೇಶಬಾಬು ಸೂಚನೆ

ಚಿಕ್ಕನಾಯಕನಹಳ್ಳಿ: ತಾಲೂಕಿನ 27 ಗ್ರಾಮ ಪಂಚಾಯಿತಿಗಳು, ಪುರಸಭೆ ಹಾಗೂ ಪಟ್ಟಣ ಪಂಚಾಯಿತಿ ವ್ಯಾಪ್ತಿಯಲ್ಲಿ ಬೇಸಿಗೆಯ ಸಂದರ್ಭದಲ್ಲಿ ಕುಡಿಯುವ ನೀರಿನ ಸಮಸ್ಯೆ ಎದುರಾಗದಂತೆ ಅಧಿಕಾರಿಗಳು ಮುನ್ನೆಚ್ಚರಿಕೆ ವಹಿಸಬೇಕು ಎಂದು ಶಾಸಕ ಸಿ.ಬಿ. ಸುರೇಶಬಾಬು ಅಧಿಕಾರಿಗಳಿಗೆ ಕಟ್ಟುನಿಟ್ಟಿನ ಸೂಚನೆ ನೀಡಿದರು.

ಪಟ್ಟಣದ ತಾಲೂಕು ಆಡಳಿತ ಸೌಧದಲ್ಲಿ ಸೋಮವಾರ ನಡೆದ ಟಾಸ್ಕ್‌ಫೋರ್ಸ್ ಕಮಿಟಿ ಸಭೆಯ ಅಧ್ಯಕ್ಷತೆ ವಹಿಸಿ ಅವರು ಮಾತನಾಡಿದರು.

ನೀರಿನ ಲಭ್ಯತೆ ಮತ್ತು ನಿರ್ವಹಣೆ ಗ್ರಾಮ ಮಟ್ಟದಲ್ಲಿ ಕುಡಿಯುವ ನೀರಿನ ವ್ಯವಸ್ಥೆಯಲ್ಲಿ ಸಂಬಂಧಪಟ್ಟ ಅಧಿಕಾರಿಗಳು ನಿರಂತರ ನಿಗಾ ವಹಿಸಬೇಕು. ಪ್ರತಿ ಪಂಚಾಯಿತಿ ವ್ಯಾಪ್ತಿಯ ಬೋರ್‌ವೆಲ್‌ಗಳ ನೀರಿನ ಲಭ್ಯತೆಯ ಬಗ್ಗೆ ನಿಖರ ಮಾಹಿತಿ ಇರಲಿ.

ನೀರಿನ ಅಭಾವವಿರುವ ಕಡೆಗಳಲ್ಲಿ ಖಾಸಗಿಯವರಿಂದ ನೀರನ್ನು ಪಡೆದು ಪೂರೈಕೆಯ ಕೆಲಸ ಮಾಡಬೇಕು. ನೀರು ವ್ಯರ್ಥವಾಗಿ ಹರಿದು ಹೋಗದಂತೆ ಸಾರ್ವಜನಿಕರಲ್ಲಿ ಜಾಗೃತಿ ಮೂಡಿಸಬೇಕು ಎಂದು ಶಾಸಕರು ಹೇಳಿದರು.

ಜಾತ್ರಾ ಮಹೋತ್ಸವ ಮತ್ತು ಆರೋಗ್ಯ ಪ್ರಸ್ತುತ ತಾಲೂಕಿನಾದ್ಯಂತ ಜಾತ್ರೆಗಳು ನಡೆಯುತ್ತಿದ್ದು ಹೆಚ್ಚಾಗಿ ನಡೆಯುತ್ತಿದ್ದು, ಅಲ್ಲಿನ ಸ್ವಚ್ಛತೆಗೆ ಮೊದಲ ಆದ್ಯತೆ ನೀಡಬೇಕು. ಜನದಟ್ಟಣೆಯಿಂದ ಸಾಂಕ್ರಾಮಿಕ ರೋಗಗಳು ಹರಡುವ ಸಾಧ್ಯತೆ ಇರುವುದರಿಂದ ಆರೋಗ್ಯ ಇಲಾಖೆ ಹಾಗೂ ಪಂಚಾಯಿತಿ ಅಧಿಕಾರಿಗಳು ಸಮನ್ವಯದೊಂದಿಗೆ ಕೆಲಸ ಮಾಡಬೇಕು.

ಜಾನುವಾರುಗಳಿಗೆ ಮೇವು ಮತ್ತು ನೀರಿನ ಲಭ್ಯತೆ ಬಗ್ಗೆಯೂ ಗಮನಹರಿಸುವಂತೆ ತಿಳಿಸಿದರು.

ಅಧಿಕಾರಿಗಳ ಕಠಿಣ ಭಾಷ್ಯ ಸೂಚನೆ ತಹಸೀಲ್ದಾರ್ ಮಮತಾ ಮಾತನಾಡಿ, "ನೋಡಲ್ ಅಧಿಕಾರಿಗಳು ಪಂಚಾಯಿತಿಗಳೊಂದಿಗೆ ನಿರಂತರ ಸಂಪರ್ಕದಲ್ಲಿರಬೇಕು. ಗ್ರಾಮಗಳಿಗೆ ಭೇಟಿ ನೀಡಿಯಾವ ನೀರು ಪೂರೈಕೆಯಾಗುತ್ತದೆ ಎಂಬುದನ್ನು ಖಚಿತಪಡಿಸಿಕೊಳ್ಳಬೇಕು. ಮುಂದಿನ ಸಭೆಗೆ ಬರುವಾಗ ಪ್ರತಿ ಗ್ರಾಮದ ಬೋರ್‌ವೆಲ್ ಸ್ಥಿತಿ ಮತ್ತು ನೀರಿನ ಲಭ್ಯತೆಯ ಸಂಪೂರ್ಣ ದಾಖಲೆಗಳೊಂದಿಗೆ ಹಾಜರಾಗಬೇಕು" ಎಂದರು.

ಮೇವಿನ ಲಭ್ಯತೆ

ಪಶು ಇಲಾಖೆಯ ಸಹಾಯಕ

ನಿರ್ದೇಶಕ ಕಾಂತರಾಜು ಮಾಹಿತಿ ನೀಡಿ, ತಾಲೂಕಿನ ರೈತರಲ್ಲಿ ಮುಂದಿನ 49 ವಾರಗಳಿಗೆ ಆಗುವಷ್ಟು ಮೇವಿನ ದಾಸ್ತಾನು ಲಭ್ಯವಿದ್ದು, ಸದ್ಯಕ್ಕೆ ಯಾವುದೇ ಮೇವಿನ ಅಭಾವ ಉಂಟಾಗುವುದಿಲ್ಲ ಎಂದು ಸಭೆಗೆ ತಿಳಿಸಿದರು.

ಸಮಸ್ಯೆ ಇರುವ ಗ್ರಾಮಗಳು: ಹೊನ್ನೇಬಾಗಿ, ಸಿದ್ದನಕಟ್ಟೆ ಹಾಗೂ ದಬ್ಬಗುಂಟೆ ಪಂಚಾಯಿತಿಯ ಗ್ರಾಮಗಳಲ್ಲಿ ಪ್ರಸ್ತುತ ನೀರಿನ ಸಮಸ್ಯೆ ಇದ್ದು, ಅದನ್ನು ತಕ್ಷಣವೇ ಬಗೆಹರಿಸಲು ಸಭೆಯಲ್ಲಿ ತೀರ್ಮಾನಿಸಲಾಯಿತು.

ಸಭೆಯಲ್ಲಿ ಇ.ಒ. ದೊಡ್ಡಸಿದ್ದಯ್ಯ, ಲೋಕೋಪಯೋಗಿ ಇಲಾಖೆ ಎಇಇ ಶಿವಪ್ಪ, ಬೆಸ್ಕಾಂ ಎಇಇ ಗವಿರಂಗಯ್ಯ, ಕಾರಮನೆ, ಕುಡಿಯುವ ನೀರಿನ ವಿಭಾಗದ ಎಇಇ ಮಾರುತಿ, ಕೃಷಿ ಇಲಾಖೆ ಸಹಾಯಕ ನಿರ್ದೇಶಕ ಶಿವರಾಜ್ಯಕುಮಾರ್ ಸೇರಿದಂತೆ ವಿವಿಧ ಇಲಾಖೆಯ ಅಧಿಕಾರಿಗಳು ಉಪಸ್ಥಿತರಿದ್ದರು.
